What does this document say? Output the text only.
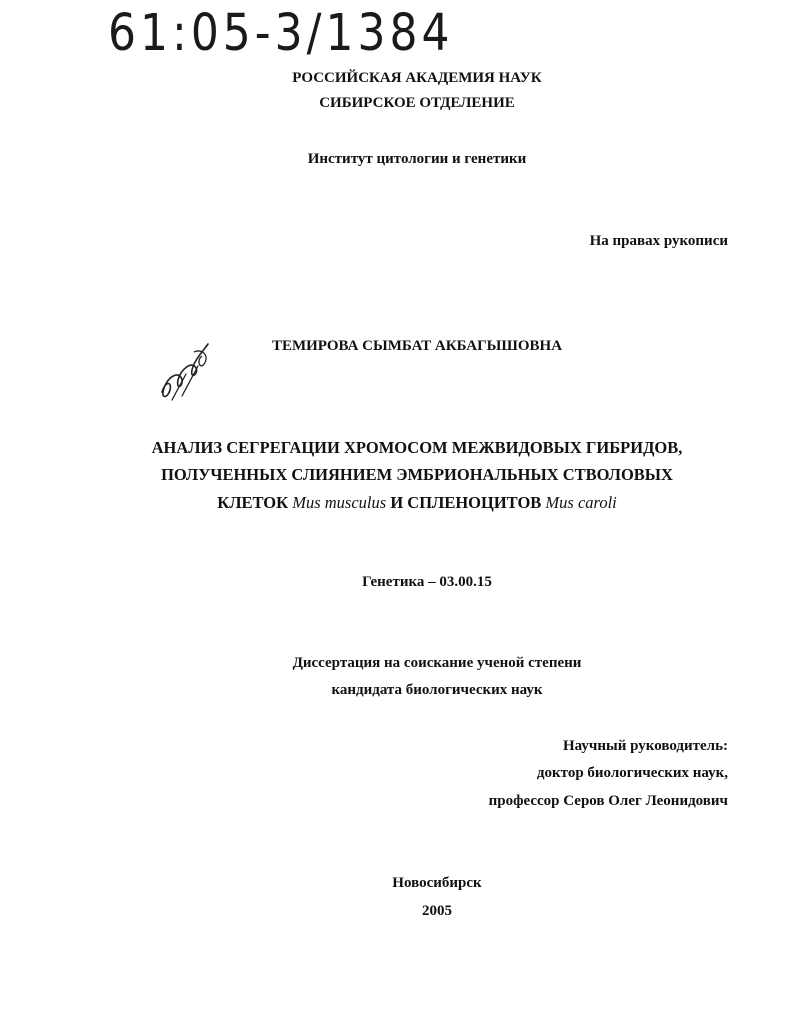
61:05-3/1384
РОССИЙСКАЯ АКАДЕМИЯ НАУК
СИБИРСКОЕ ОТДЕЛЕНИЕ
Институт цитологии и генетики
На правах рукописи
ТЕМИРОВА СЫМБАТ АКБАГЫШОВНА
АНАЛИЗ СЕГРЕГАЦИИ ХРОМОСОМ МЕЖВИДОВЫХ ГИБРИДОВ,
ПОЛУЧЕННЫХ СЛИЯНИЕМ ЭМБРИОНАЛЬНЫХ СТВОЛОВЫХ
КЛЕТОК Mus musculus И СПЛЕНОЦИТОВ Mus caroli
Генетика – 03.00.15
Диссертация на соискание ученой степени
кандидата биологических наук
Научный руководитель:
доктор биологических наук,
профессор Серов Олег Леонидович
Новосибирск
2005
